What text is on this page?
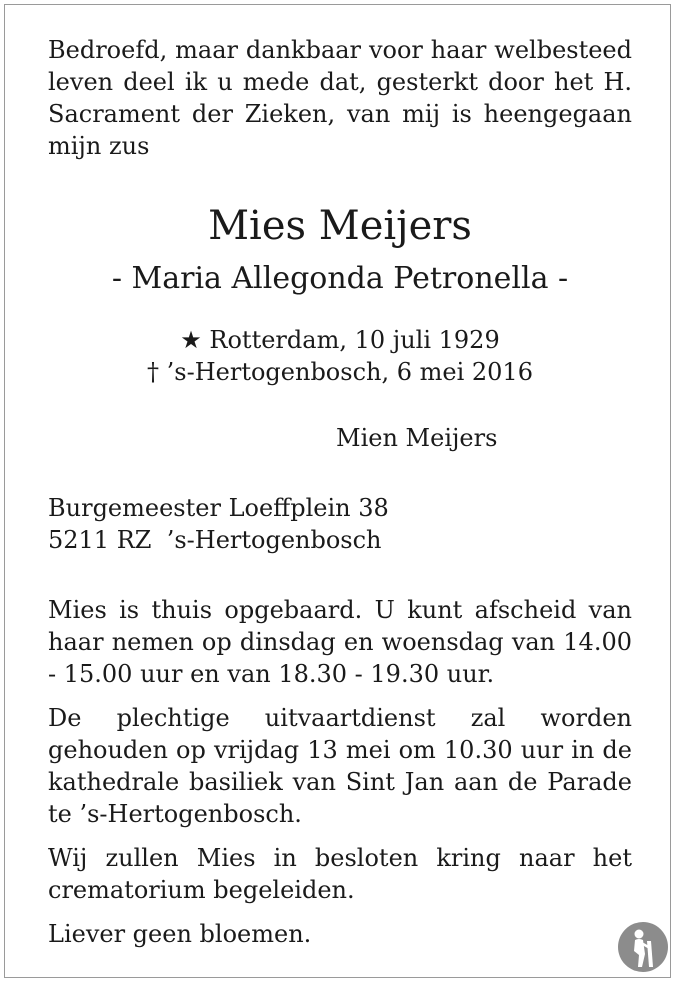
Bedroefd, maar dankbaar voor haar welbesteed leven deel ik u mede dat, gesterkt door het H. Sacrament der Zieken, van mij is heengegaan mijn zus

Mies Meijers
- Maria Allegonda Petronella -
★ Rotterdam, 10 juli 1929
† ’s-Hertogenbosch, 6 mei 2016
Mien Meijers
Burgemeester Loeffplein 38
5211 RZ  ’s-Hertogenbosch

Mies is thuis opgebaard. U kunt afscheid van haar nemen op dinsdag en woensdag van 14.00 - 15.00 uur en van 18.30 - 19.30 uur.

De plechtige uitvaartdienst zal worden gehouden op vrijdag 13 mei om 10.30 uur in de kathedrale basiliek van Sint Jan aan de Parade te ’s-Hertogenbosch.

Wij zullen Mies in besloten kring naar het crematorium begeleiden.

Liever geen bloemen.
